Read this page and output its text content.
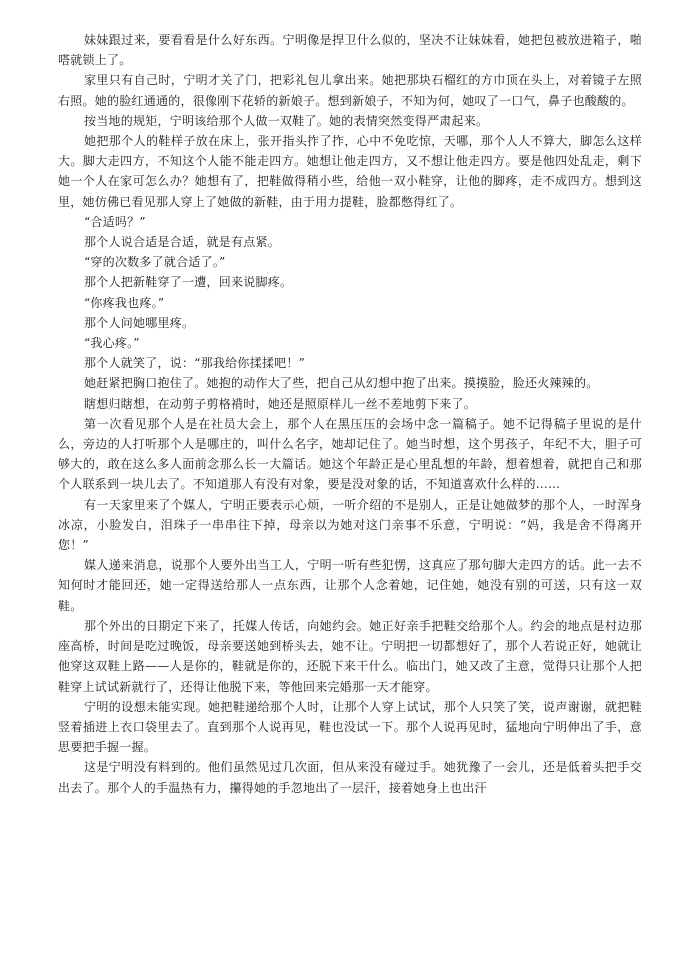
妹妹跟过来，要看看是什么好东西。宁明像是捍卫什么似的，坚决不让妹妹看，她把包被放进箱子，啪嗒就锁上了。

家里只有自己时，宁明才关了门，把彩礼包儿拿出来。她把那块石榴红的方巾顶在头上，对着镜子左照右照。她的脸红通通的，很像刚下花轿的新娘子。想到新娘子，不知为何，她叹了一口气，鼻子也酸酸的。

按当地的规矩，宁明该给那个人做一双鞋了。她的表情突然变得严肃起来。

她把那个人的鞋样子放在床上，张开指头拃了拃，心中不免吃惊，天哪，那个人人不算大，脚怎么这样大。脚大走四方，不知这个人能不能走四方。她想让他走四方，又不想让他走四方。要是他四处乱走，剩下她一个人在家可怎么办？她想有了，把鞋做得稍小些，给他一双小鞋穿，让他的脚疼，走不成四方。想到这里，她仿佛已看见那人穿上了她做的新鞋，由于用力提鞋，脸都憋得红了。

“合适吗？”

那个人说合适是合适，就是有点紧。

“穿的次数多了就合适了。”

那个人把新鞋穿了一遭，回来说脚疼。

“你疼我也疼。”

那个人问她哪里疼。

“我心疼。”

那个人就笑了，说：“那我给你揉揉吧！”

她赶紧把胸口抱住了。她抱的动作大了些，把自己从幻想中抱了出来。摸摸脸，脸还火辣辣的。

瞎想归瞎想，在动剪子剪格褙时，她还是照原样儿一丝不差地剪下来了。

第一次看见那个人是在社员大会上，那个人在黑压压的会场中念一篇稿子。她不记得稿子里说的是什么，旁边的人打听那个人是哪庄的，叫什么名字，她却记住了。她当时想，这个男孩子，年纪不大，胆子可够大的，敢在这么多人面前念那么长一大篇话。她这个年龄正是心里乱想的年龄，想着想着，就把自己和那个人联系到一块儿去了。不知道那人有没有对象，要是没对象的话，不知道喜欢什么样的……

有一天家里来了个媒人，宁明正要表示心烦，一听介绍的不是别人，正是让她做梦的那个人，一时浑身冰凉，小脸发白，泪珠子一串串往下掉，母亲以为她对这门亲事不乐意，宁明说：“妈，我是舍不得离开您！”

媒人递来消息，说那个人要外出当工人，宁明一听有些犯愣，这真应了那句脚大走四方的话。此一去不知何时才能回还，她一定得送给那人一点东西，让那个人念着她，记住她，她没有别的可送，只有这一双鞋。

那个外出的日期定下来了，托媒人传话，向她约会。她正好亲手把鞋交给那个人。约会的地点是村边那座高桥，时间是吃过晚饭，母亲要送她到桥头去，她不让。宁明把一切都想好了，那个人若说正好，她就让他穿这双鞋上路——人是你的，鞋就是你的，还脱下来干什么。临出门，她又改了主意，觉得只让那个人把鞋穿上试试新就行了，还得让他脱下来，等他回来完婚那一天才能穿。

宁明的设想未能实现。她把鞋递给那个人时，让那个人穿上试试，那个人只笑了笑，说声谢谢，就把鞋竖着插进上衣口袋里去了。直到那个人说再见，鞋也没试一下。那个人说再见时，猛地向宁明伸出了手，意思要把手握一握。

这是宁明没有料到的。他们虽然见过几次面，但从来没有碰过手。她犹豫了一会儿，还是低着头把手交出去了。那个人的手温热有力，攥得她的手忽地出了一层汗，接着她身上也出汗
